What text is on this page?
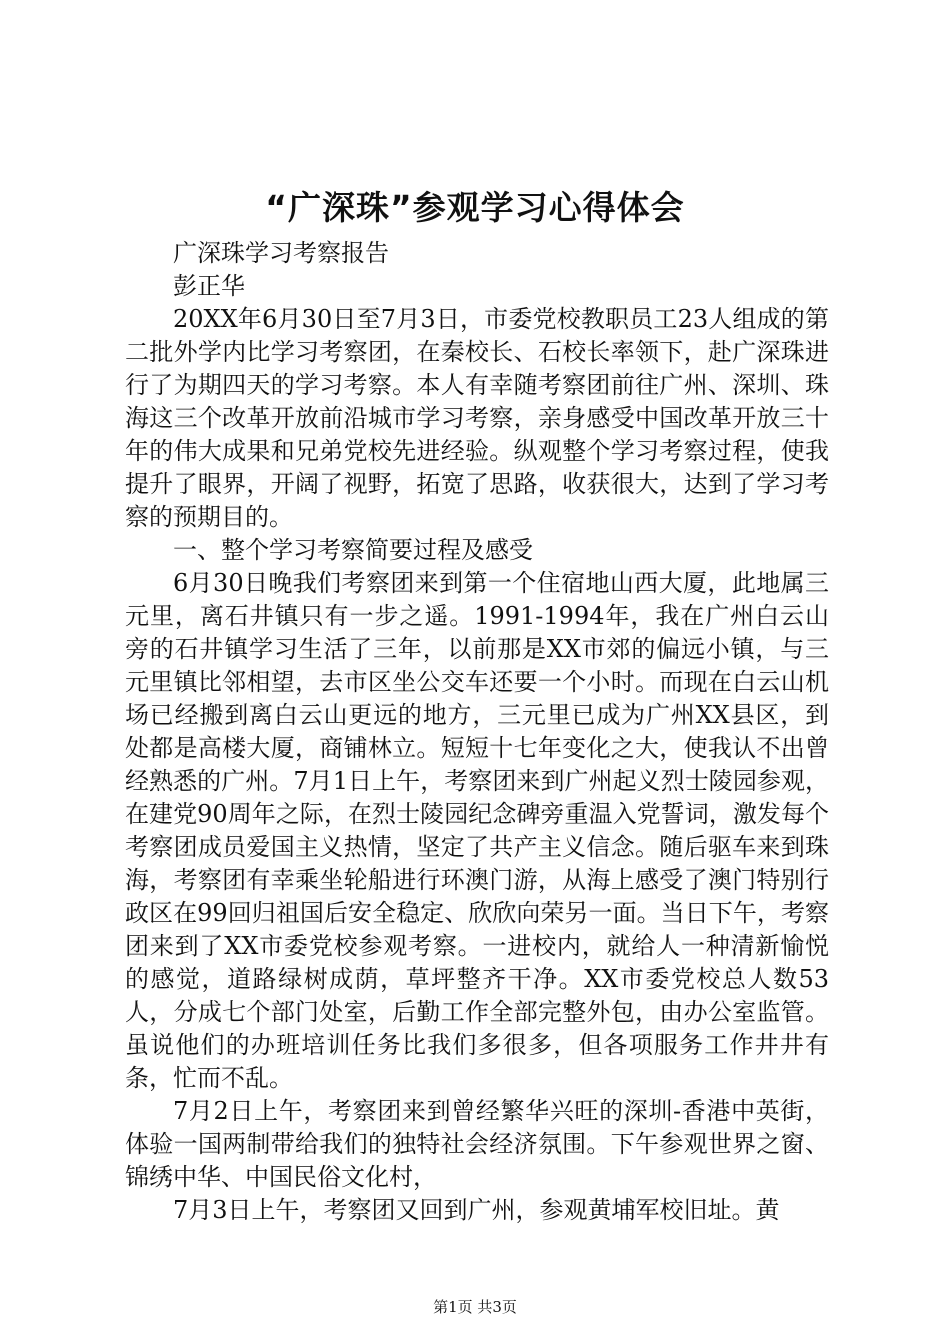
“广深珠”参观学习心得体会

广深珠学习考察报告

彭正华

20XX年6月30日至7月3日，市委党校教职员工23人组成的第二批外学内比学习考察团，在秦校长、石校长率领下，赴广深珠进行了为期四天的学习考察。本人有幸随考察团前往广州、深圳、珠海这三个改革开放前沿城市学习考察，亲身感受中国改革开放三十年的伟大成果和兄弟党校先进经验。纵观整个学习考察过程，使我提升了眼界，开阔了视野，拓宽了思路，收获很大，达到了学习考察的预期目的。

一、整个学习考察简要过程及感受

6月30日晚我们考察团来到第一个住宿地山西大厦，此地属三元里，离石井镇只有一步之遥。1991-1994年，我在广州白云山旁的石井镇学习生活了三年，以前那是XX市郊的偏远小镇，与三元里镇比邻相望，去市区坐公交车还要一个小时。而现在白云山机场已经搬到离白云山更远的地方，三元里已成为广州XX县区，到处都是高楼大厦，商铺林立。短短十七年变化之大，使我认不出曾经熟悉的广州。7月1日上午，考察团来到广州起义烈士陵园参观，在建党90周年之际，在烈士陵园纪念碑旁重温入党誓词，激发每个考察团成员爱国主义热情，坚定了共产主义信念。随后驱车来到珠海，考察团有幸乘坐轮船进行环澳门游，从海上感受了澳门特别行政区在99回归祖国后安全稳定、欣欣向荣另一面。当日下午，考察团来到了XX市委党校参观考察。一进校内，就给人一种清新愉悦的感觉，道路绿树成荫，草坪整齐干净。XX市委党校总人数53人，分成七个部门处室，后勤工作全部完整外包，由办公室监管。虽说他们的办班培训任务比我们多很多，但各项服务工作井井有条，忙而不乱。

7月2日上午，考察团来到曾经繁华兴旺的深圳-香港中英街，体验一国两制带给我们的独特社会经济氛围。下午参观世界之窗、锦绣中华、中国民俗文化村，

7月3日上午，考察团又回到广州，参观黄埔军校旧址。黄

第1页 共3页
